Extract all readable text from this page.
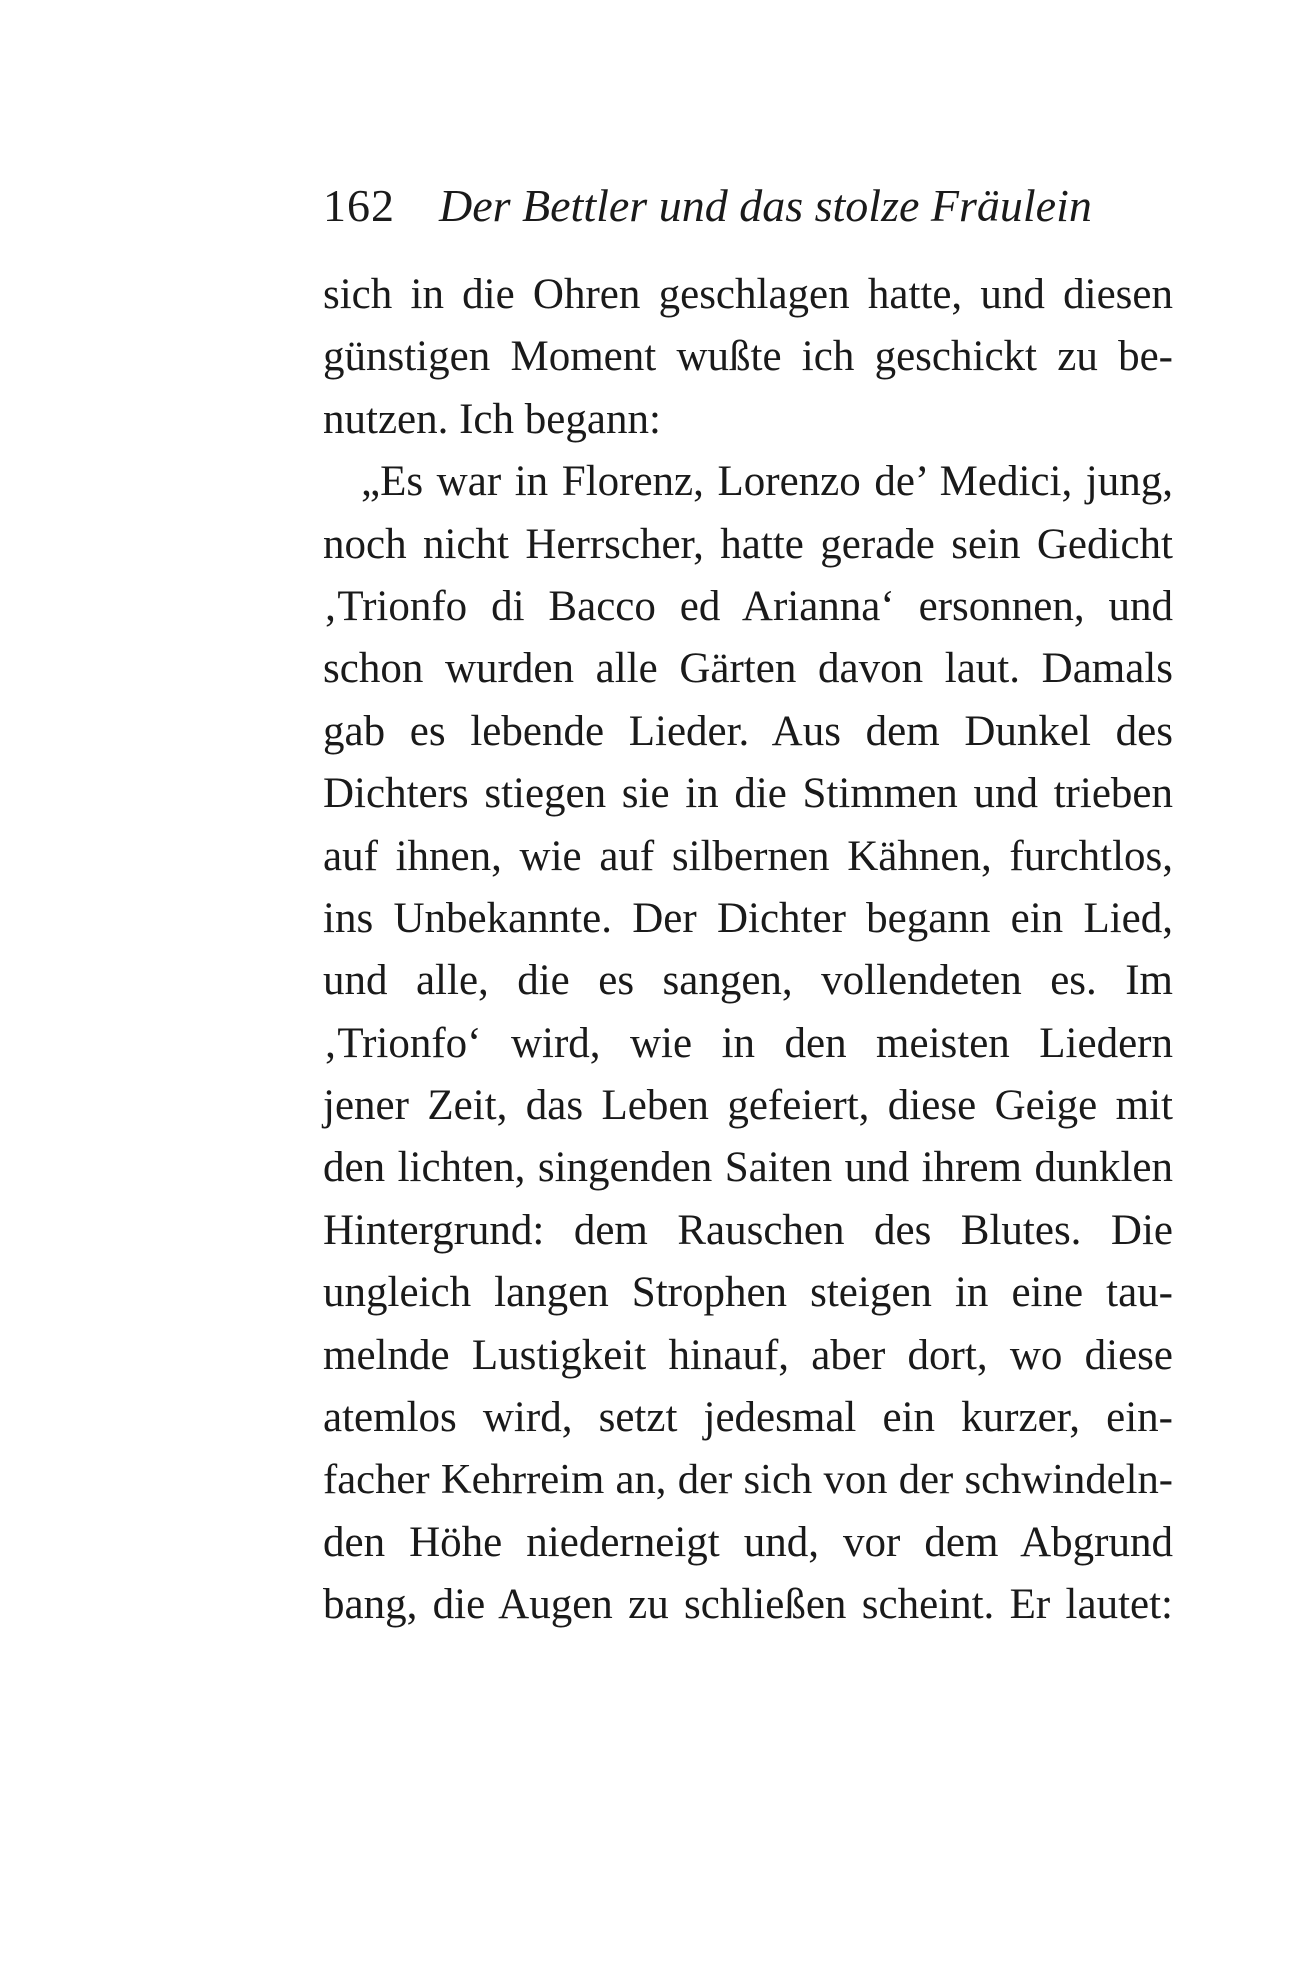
162 Der Bettler und das stolze Fräulein
sich in die Ohren geschlagen hatte, und diesen
günstigen Moment wußte ich geschickt zu be-
nutzen. Ich begann:
„Es war in Florenz, Lorenzo de’ Medici, jung,
noch nicht Herrscher, hatte gerade sein Gedicht
‚Trionfo di Bacco ed Arianna‘ ersonnen, und
schon wurden alle Gärten davon laut. Damals
gab es lebende Lieder. Aus dem Dunkel des
Dichters stiegen sie in die Stimmen und trieben
auf ihnen, wie auf silbernen Kähnen, furchtlos,
ins Unbekannte. Der Dichter begann ein Lied,
und alle, die es sangen, vollendeten es. Im
‚Trionfo‘ wird, wie in den meisten Liedern
jener Zeit, das Leben gefeiert, diese Geige mit
den lichten, singenden Saiten und ihrem dunklen
Hintergrund: dem Rauschen des Blutes. Die
ungleich langen Strophen steigen in eine tau-
melnde Lustigkeit hinauf, aber dort, wo diese
atemlos wird, setzt jedesmal ein kurzer, ein-
facher Kehrreim an, der sich von der schwindeln-
den Höhe niederneigt und, vor dem Abgrund
bang, die Augen zu schließen scheint. Er lautet:
